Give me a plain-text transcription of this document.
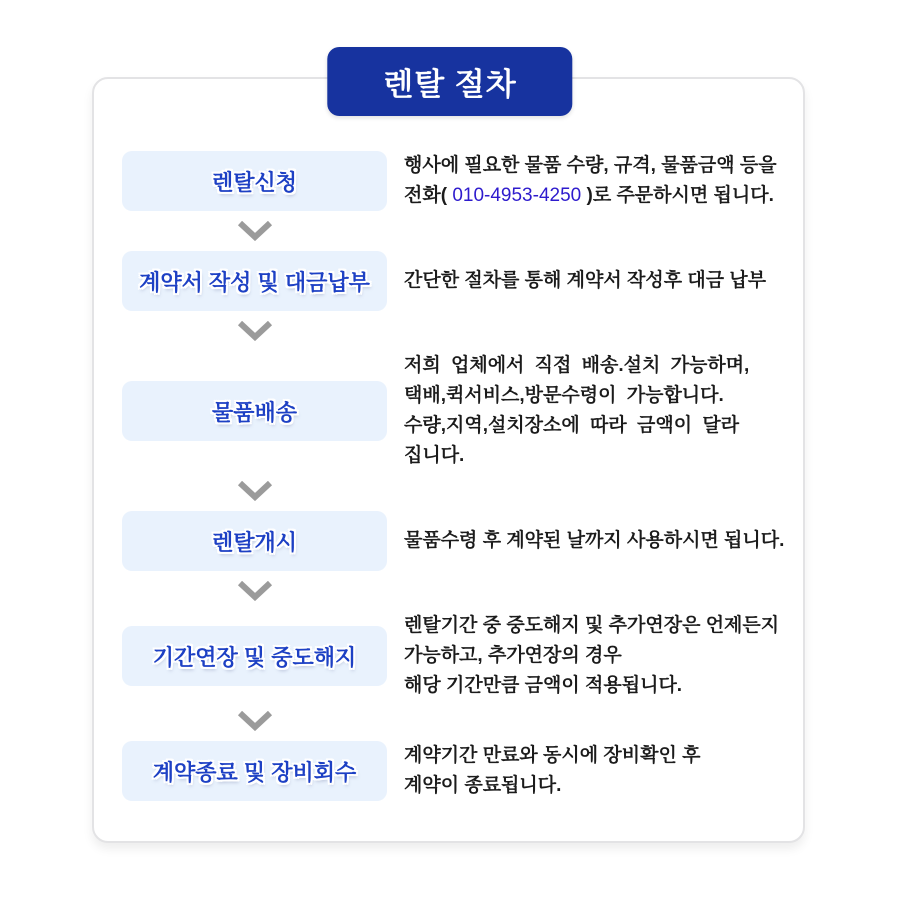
렌탈 절차
렌탈신청
행사에 필요한 물품 수량, 규격, 물품금액 등을
전화( 010-4953-4250 )로 주문하시면 됩니다.
계약서 작성 및 대금납부 간단한 절차를 통해 계약서 작성후 대금 납부
물품배송
저희 업체에서 직접 배송.설치 가능하며,
택배,퀵서비스,방문수령이 가능합니다.
수량,지역,설치장소에 따라 금액이 달라
집니다.
렌탈개시	물품수령 후 계약된 날까지 사용하시면 됩니다.
기간연장 및 중도해지
렌탈기간 중 중도해지 및 추가연장은 언제든지
가능하고, 추가연장의 경우
해당 기간만큼 금액이 적용됩니다.
계약종료 및 장비회수
계약기간 만료와 동시에 장비확인 후
계약이 종료됩니다.
